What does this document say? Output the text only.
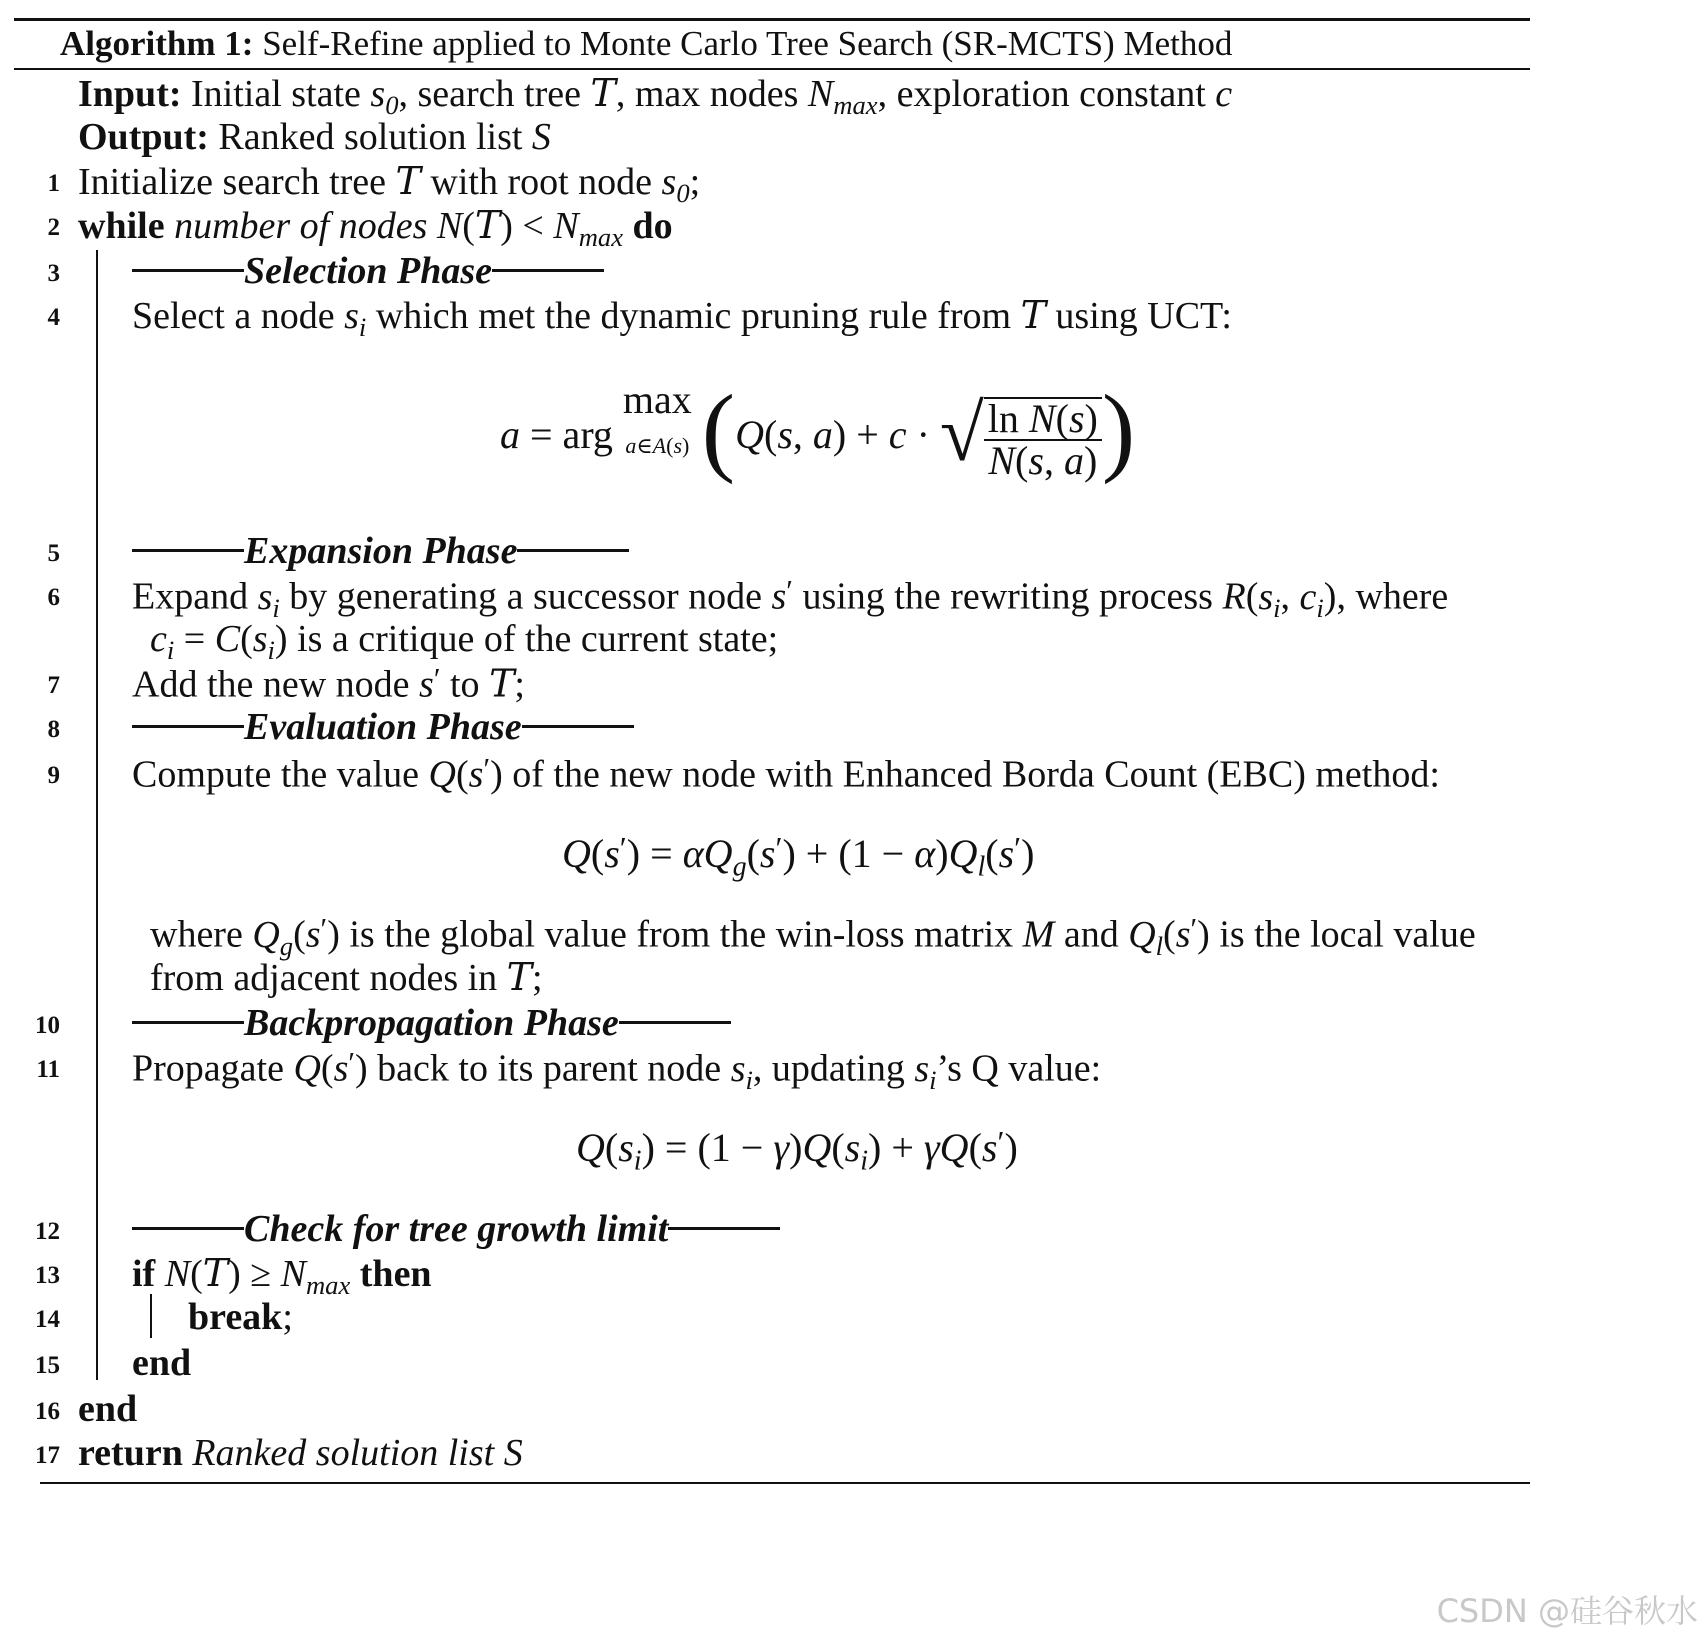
Algorithm 1: Self-Refine applied to Monte Carlo Tree Search (SR-MCTS) Method
Input: Initial state $s_0$, search tree T, max nodes $N_{max}$, exploration constant c
Output: Ranked solution list S
1
2
3
4
5
6
7
8
9
10
11
12
13
14
15
16
17
Initialize search tree T with root node $s_0$;
while number of nodes $N(T) < N_{max}$ do
Selection Phase
Select a node $s_i$ which met the dynamic pruning rule from T using UCT:
a = arg max
a∈A(s) (Q(s, a) + c · √ $\frac{\text{ln N(s)}}{N(s, a)}$ )
Expansion Phase
Expand $s_i$ by generating a successor node s′ using the rewriting process $R(s_i$, $c_i$), where
$c_i = C(s_i)$ is a critique of the current state;
Add the new node s′ to T;
Evaluation Phase
Compute the value Q(s′) of the new node with Enhanced Borda Count (EBC) method:
$Q(s') = \alpha Q_g(s') + (1 - \alpha)Q_l(s')$
where $Q_g(s')$ is the global value from the win-loss matrix M and $Q_l(s')$ is the local value
from adjacent nodes in T;
Backpropagation Phase
Propagate Q(s′) back to its parent node $s_i$, updating $s_i’s$ Q value:
$Q(s_i) = (1 - \gamma)Q(s_i) + \gamma Q(s')$
Check for tree growth limit
if $N(T) \ge N_{max}$ then
break;
end
end
return Ranked solution list S
CSDN @硅谷秋水
